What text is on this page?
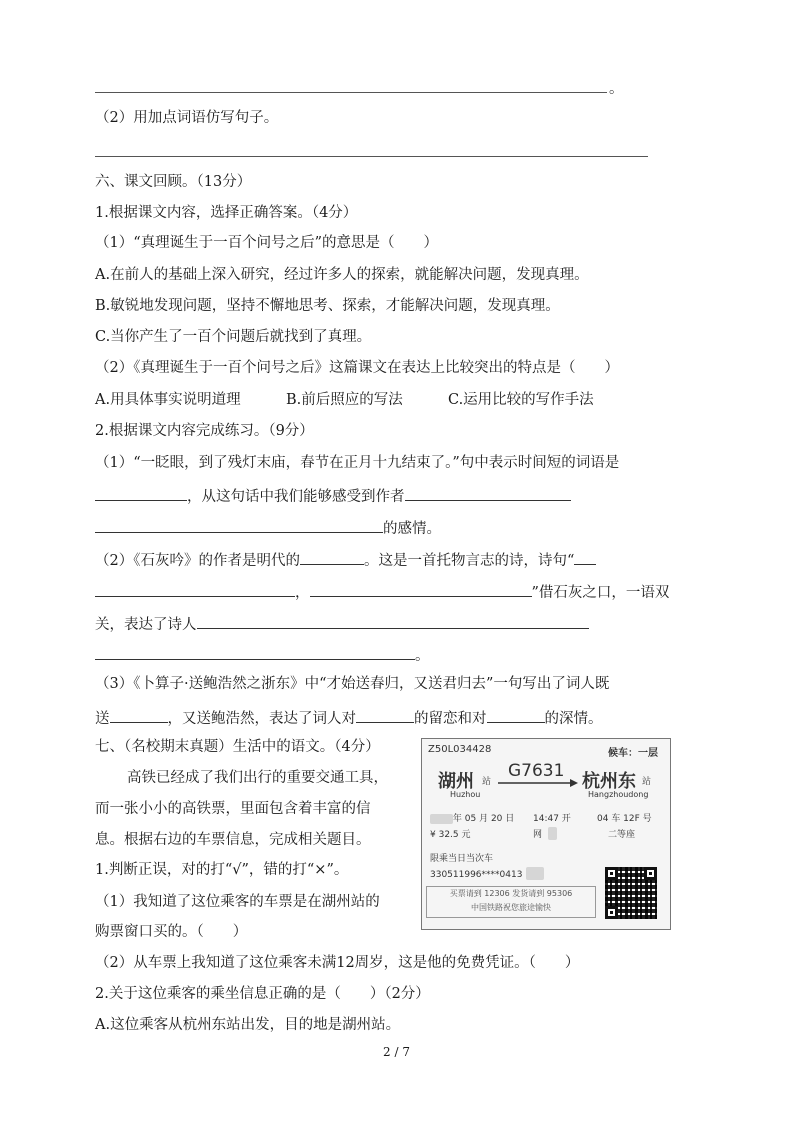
。
（2）用加点词语仿写句子。
六、课文回顾。（13分）
1.根据课文内容，选择正确答案。（4分）
（1）“真理诞生于一百个问号之后”的意思是（　　）
A.在前人的基础上深入研究，经过许多人的探索，就能解决问题，发现真理。
B.敏锐地发现问题，坚持不懈地思考、探索，才能解决问题，发现真理。
C.当你产生了一百个问题后就找到了真理。
（2）《真理诞生于一百个问号之后》这篇课文在表达上比较突出的特点是（　　）
A.用具体事实说明道理	B.前后照应的写法	C.运用比较的写作手法
2.根据课文内容完成练习。（9分）
（1）“一眨眼，到了残灯末庙，春节在正月十九结束了。”句中表示时间短的词语是
，从这句话中我们能够感受到作者
的感情。
（2）《石灰吟》的作者是明代的	。这是一首托物言志的诗，诗句“
，	”借石灰之口，一语双
关，表达了诗人
。
（3）《卜算子·送鲍浩然之浙东》中“才始送春归，又送君归去”一句写出了词人既
送	，又送鲍浩然，表达了词人对	的留恋和对	的深情。
七、（名校期末真题）生活中的语文。（4分）
高铁已经成了我们出行的重要交通工具，
而一张小小的高铁票，里面包含着丰富的信
息。根据右边的车票信息，完成相关题目。
1.判断正误，对的打“√”，错的打“×”。
（1）我知道了这位乘客的车票是在湖州站的
购票窗口买的。（　　）
（2）从车票上我知道了这位乘客未满12周岁，这是他的免费凭证。（　　）
2.关于这位乘客的乘坐信息正确的是（　　）（2分）
A.这位乘客从杭州东站出发，目的地是湖州站。
Z50L034428	候车：一层
湖州 站
Huzhou
G7631 杭州东 站
Hangzhoudong
年 05 月 20 日 14:47 开	04 车 12F 号
¥ 32.5 元	网	二等座
限乘当日当次车
330511996****0413
买票请到 12306 发货请到 95306
中国铁路祝您旅途愉快
2 / 7
